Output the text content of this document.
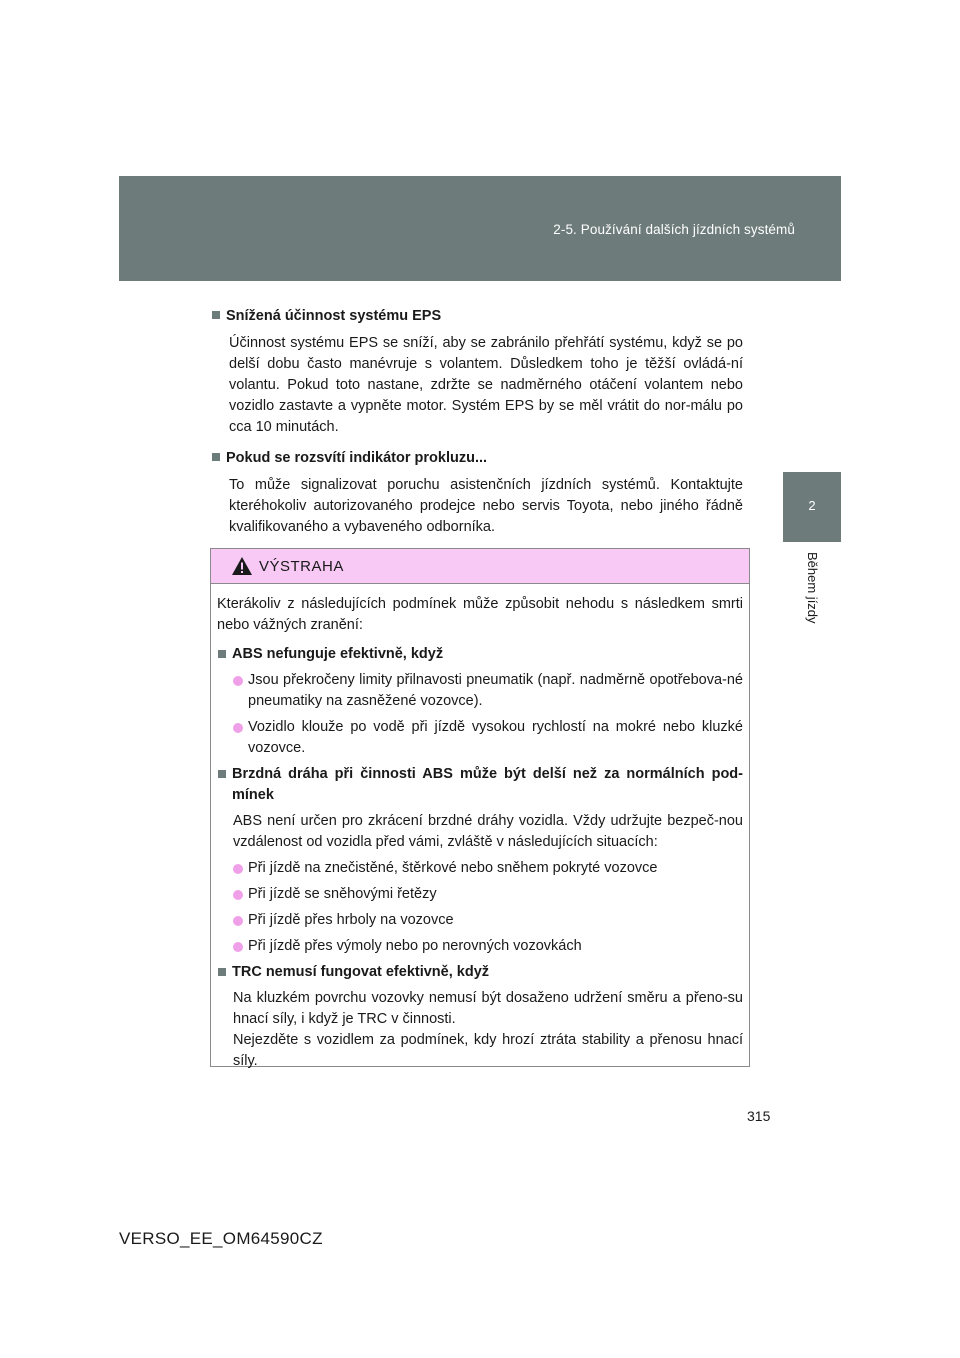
2-5. Používání dalších jízdních systémů
2
Během jízdy
Snížená účinnost systému EPS

Účinnost systému EPS se sníží, aby se zabránilo přehřátí systému, když se po delší dobu často manévruje s volantem. Důsledkem toho je těžší ovládá-ní volantu. Pokud toto nastane, zdržte se nadměrného otáčení volantem nebo vozidlo zastavte a vypněte motor. Systém EPS by se měl vrátit do nor-málu po cca 10 minutách.

Pokud se rozsvítí indikátor prokluzu...

To může signalizovat poruchu asistenčních jízdních systémů. Kontaktujte kteréhokoliv autorizovaného prodejce nebo servis Toyota, nebo jiného řádně kvalifikovaného a vybaveného odborníka.

VÝSTRAHA

Kterákoliv z následujících podmínek může způsobit nehodu s následkem smrti nebo vážných zranění:

ABS nefunguje efektivně, když
Jsou překročeny limity přilnavosti pneumatik (např. nadměrně opotřebova-né pneumatiky na zasněžené vozovce).
Vozidlo klouže po vodě při jízdě vysokou rychlostí na mokré nebo kluzké vozovce.
Brzdná dráha při činnosti ABS může být delší než za normálních pod-mínek

ABS není určen pro zkrácení brzdné dráhy vozidla. Vždy udržujte bezpeč-nou vzdálenost od vozidla před vámi, zvláště v následujících situacích:

Při jízdě na znečistěné, štěrkové nebo sněhem pokryté vozovce
Při jízdě se sněhovými řetězy
Při jízdě přes hrboly na vozovce
Při jízdě přes výmoly nebo po nerovných vozovkách
TRC nemusí fungovat efektivně, když

Na kluzkém povrchu vozovky nemusí být dosaženo udržení směru a přeno-su hnací síly, i když je TRC v činnosti.

Nejezděte s vozidlem za podmínek, kdy hrozí ztráta stability a přenosu hnací síly.

315
VERSO_EE_OM64590CZ
